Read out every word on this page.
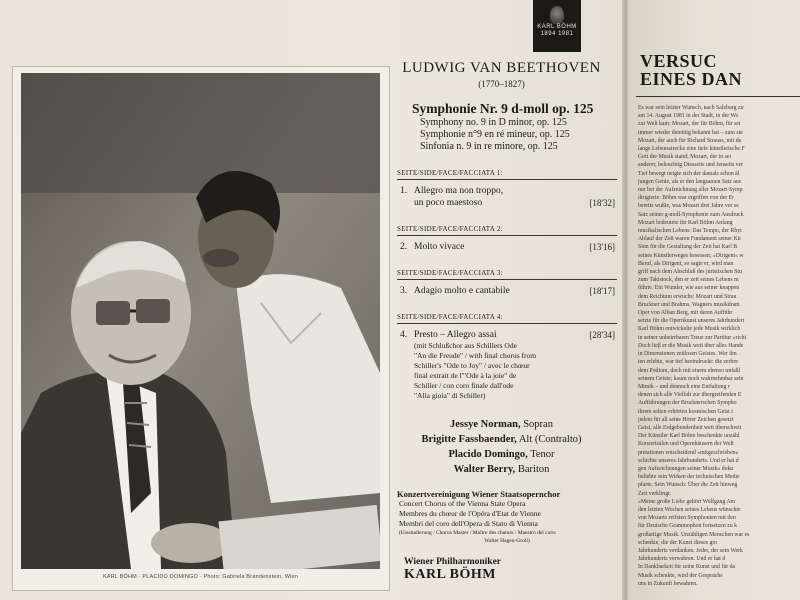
KARL BÖHM
1894 1981
KARL BÖHM · PLACIDO DOMINGO · Photo: Gabriela Brandenstein, Wien
LUDWIG VAN BEETHOVEN
(1770–1827)
Symphonie Nr. 9 d-moll op. 125
Symphony no. 9 in D minor, op. 125
Symphonie n°9 en ré mineur, op. 125
Sinfonia n. 9 in re minore, op. 125
SEITE/SIDE/FACE/FACCIATA 1:
1. Allegro ma non troppo,
un poco maestoso	[18'32]
SEITE/SIDE/FACE/FACCIATA 2:
2. Molto vivace	[13'16]
SEITE/SIDE/FACE/FACCIATA 3:
3. Adagio molto e cantabile	[18'17]
SEITE/SIDE/FACE/FACCIATA 4:
4. Presto – Allegro assai	[28'34]
(mit Schlußchor aus Schillers Ode
"An die Freude" / with final chorus from
Schiller's "Ode to Joy" / avec le chœur
final extrait de l'"Ode à la joie" de
Schiller / con coro finale dall'ode
"Alla gioia" di Schiller)
Jessye Norman, Sopran
Brigitte Fassbaender, Alt (Contralto)
Placido Domingo, Tenor
Walter Berry, Bariton
Konzertvereinigung Wiener Staatsopernchor
Concert Chorus of the Vienna State Opera
Membres du chœur de l'Opéra d'Etat de Vienne
Membri del coro dell'Opera di Stato di Vienna
(Einstudierung / Chorus Master / Maître des chœurs / Maestro del coro:
Walter Hagen-Groll)
Wiener Philharmoniker
KARL BÖHM
VERSUC
EINES DAN
Es war sein letzter Wunsch, nach Salzburg zu
am 14. August 1981 in der Stadt, in der Wo
zur Welt kam: Mozart, der für Böhm, für sei
immer wieder demütig bekannt hat – zum ste
Mozart, der auch für Richard Strauss, mit de
lange Lebensstrecke eine tiefe künstlerische F
Gott der Musik stand; Mozart, der in sei
anderer, beleuchtig Diesseits und Jenseits ver
Tief bewegt neigte sich der damals schon äl
jungen Genie, als er den langsamen Satz aus
nur bei der Aufzeichnung aller Mozart-Symp
dirigierte: Böhm war ergriffen von der Er
bereits wußte, was Mozart drei Jahre vor se
Satz seiner g-moll-Symphonie zum Ausdruck
Mozart bedeutete für Karl Böhm Anfang
musikalischen Lebens: Das Tempo, der Rhyt
Ablauf der Zeit waren Fundament seiner Kü
Sinn für die Gestaltung der Zeit hat Karl B
seines Künstlerweges besessen; »Dirigent« w
Beruf, als Dirigent, so sagte er, wird man
griff nach dem Abschluß des juristischen Stu
zum Taktstock, den er zeit seines Lebens m
führte. Ein Wunder, wie aus seiner knappen
dem Reichtum erwuchs: Mozart und Strau
Bruckner und Brahms, Wagners musikdram
Oper von Alban Berg, mit deren Aufführ
setzte für die Opernkunst unseres Jahrhundert
Karl Böhm entwickelte jede Musik wirklich
in seiner unbeirrbaren Treue zur Partitur »richt
Doch lieβ er die Musik weit über alles Hande
in Dimensionen zeitlosen Geistes. Wer ihn
ten erlebte, war tief beeindruckt: die zerbre
dem Podium, doch mit einem ebenso unfaßl
seinem Geiste; kaum noch wahrnehmbar sein
Mimik – und dennoch eine Entfaltung r
denen sich alle Vielfalt zur übergreifenden E
Aufführungen der Brucknerschen Sympho
ihrem selten erhörten kosmischen Geist i
jedem für all seine Hörer Zeichen gesetzt
Geist, alle Erdgebundenheit weit überschreit
Der Künstler Karl Böhm beschenkte unzähl
Konzertsälen und Opernhäusern der Welt
pretationen entscheidend »mitgeschrieben«
schichte unseres Jahrhunderts. Und er hat d
gen Aufzeichnungen seiner Musik« doku
beliebte sein Wirken der technischen Medie
pfarte. Sein Wunsch: Über die Zeit hinweg
Zeit verklingt.
»Meine große Liebe gehört Wolfgang Am
den letzten Wochen seines Lebens wünschte
von Mozarts reifsten Symphonien mit den
für Deutsche Grammophon fortsetzen zu k
großartige Musik. Unzähligen Menschen war es
schenkte, die der Kunst dieses gro
Jahrhunderts verdanken. Jeder, der sein Werk
Jahrhunderts verwahren. Und er hat d
In Dankbarkeit für seine Kunst und für da
Musik schenkte, wird der Gesprächs
uns in Zukunft bewahren.
